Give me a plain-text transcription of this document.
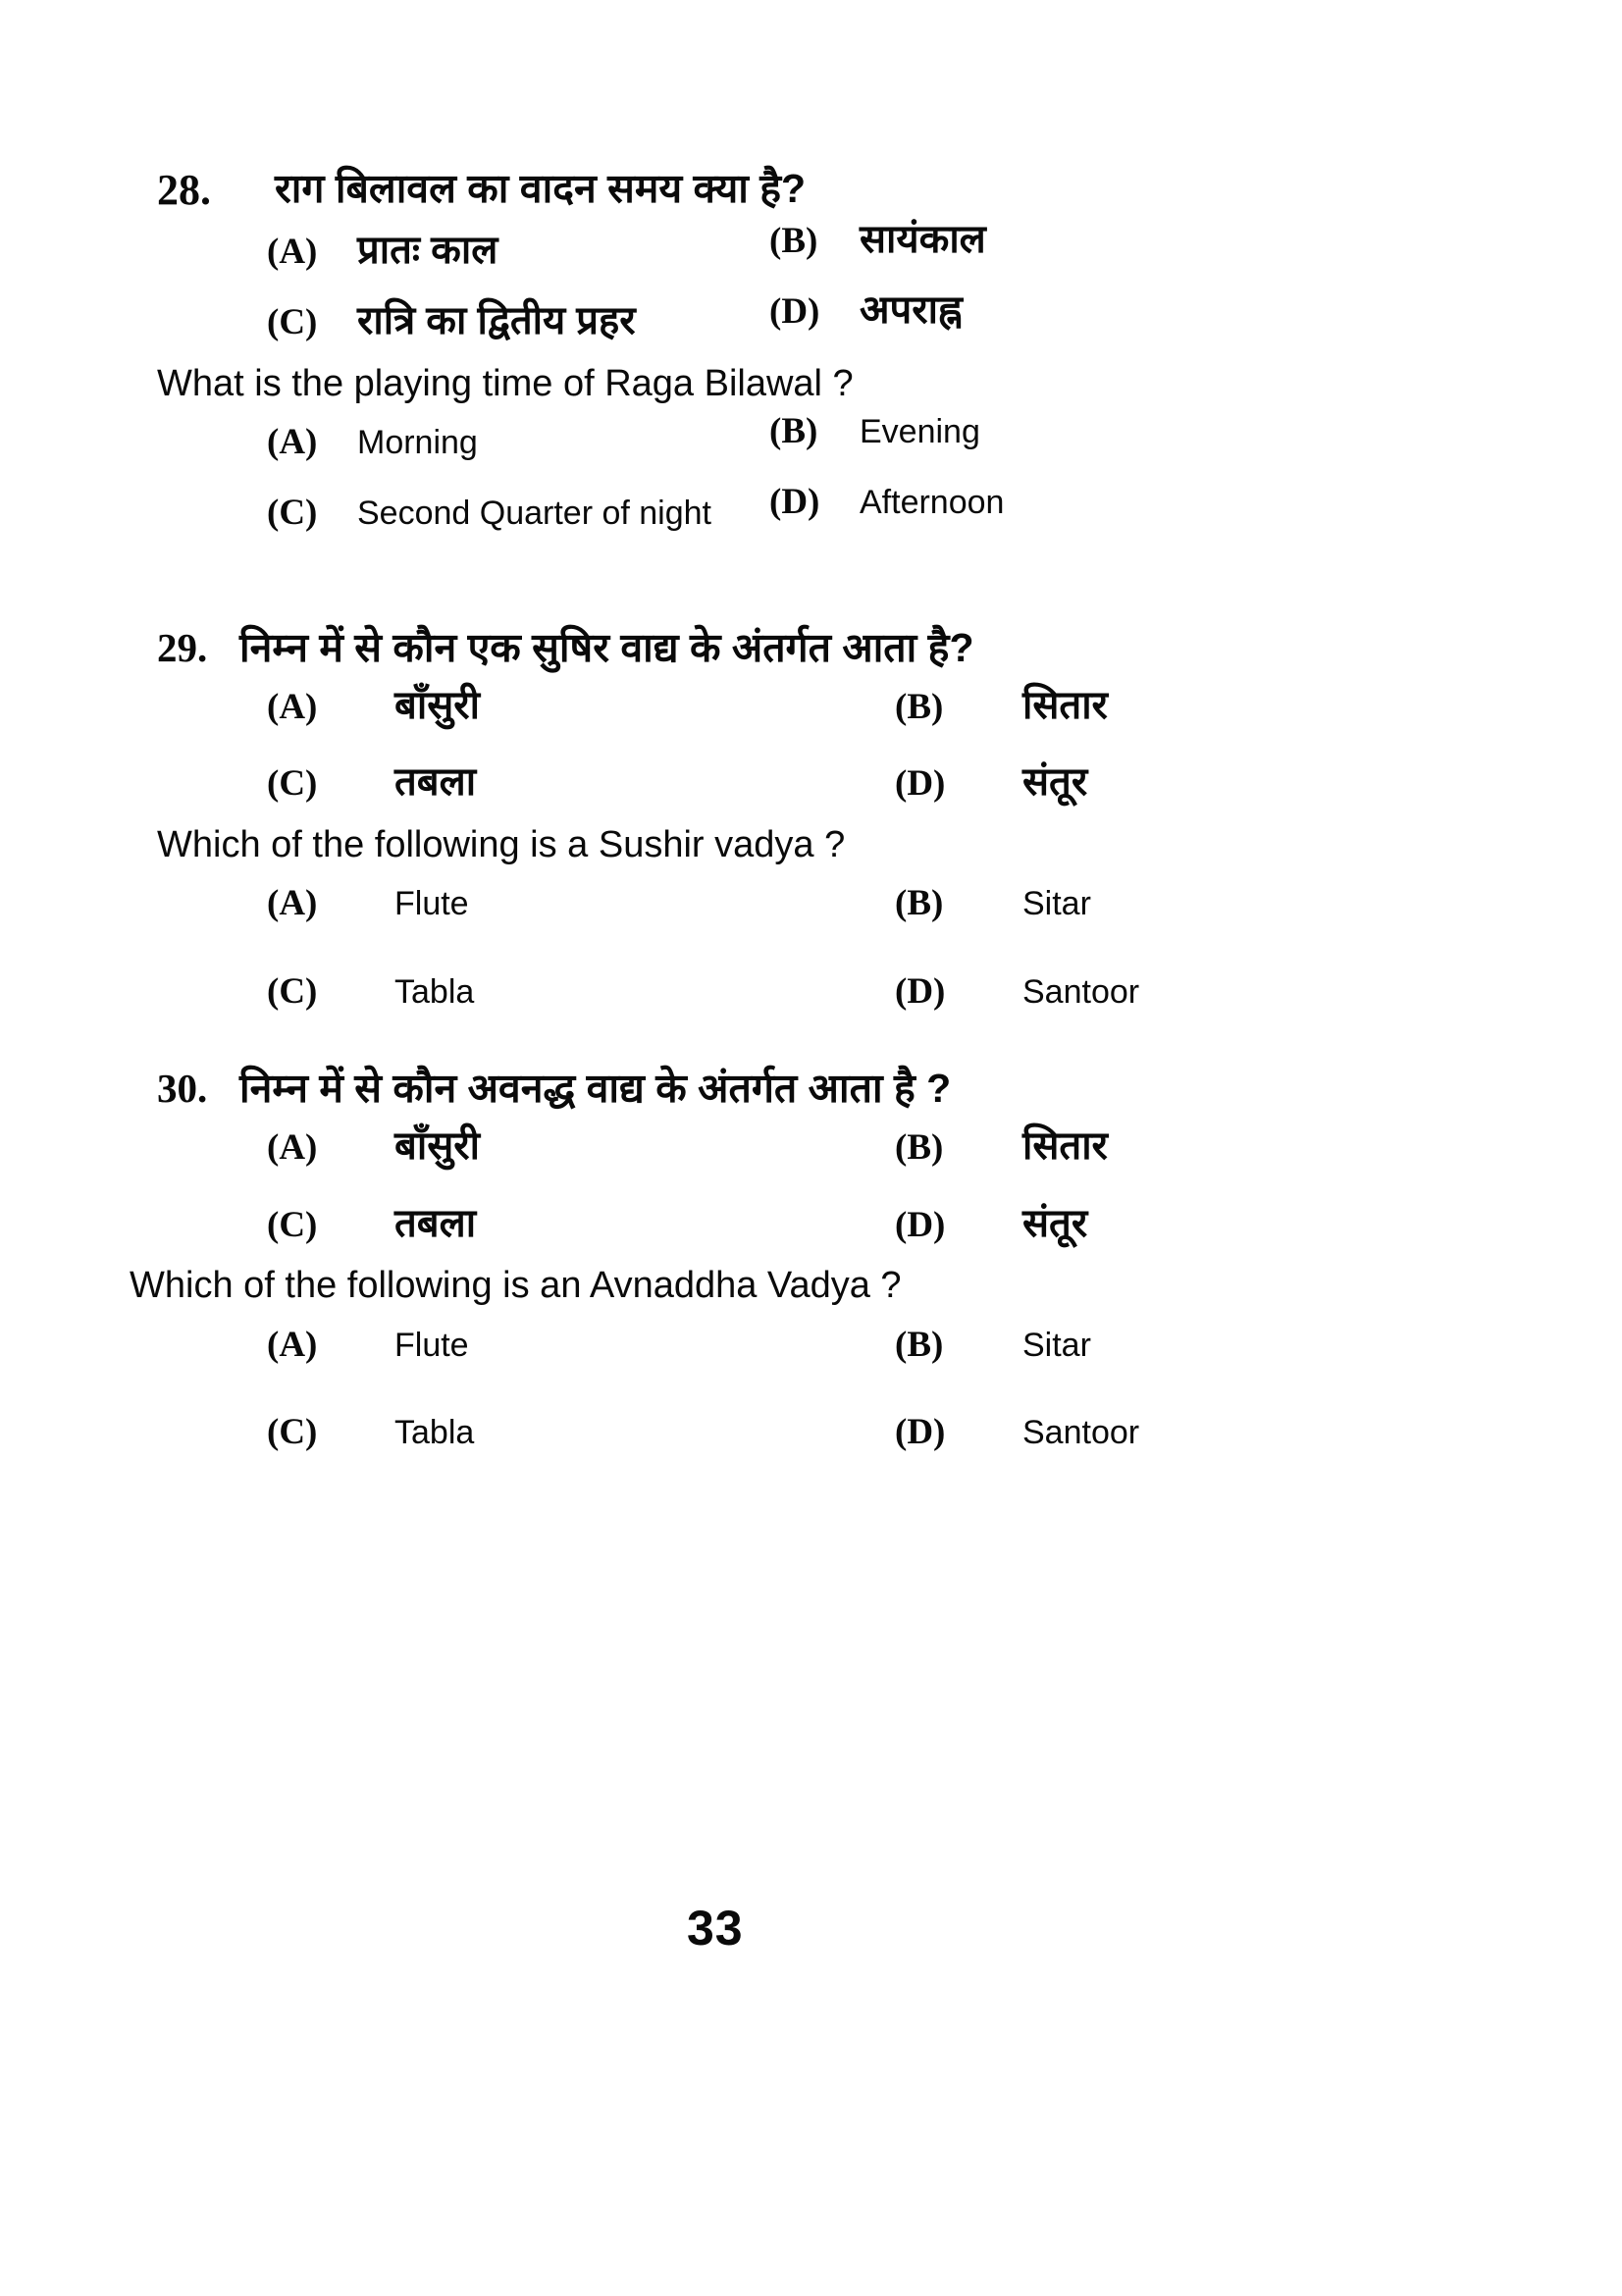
28.	राग बिलावल का वादन समय क्या है?
(A)	प्रातः काल	(B)	सायंकाल
(C)	रात्रि का द्वितीय प्रहर	(D)	अपराह्न
What is the playing time of Raga Bilawal ?
(A)	Morning	(B)	Evening
(C)	Second Quarter of night (D)	Afternoon
29. निम्न में से कौन एक सुषिर वाद्य के अंतर्गत आता है?
(A)	बाँसुरी	(B)	सितार
(C)	तबला	(D)	संतूर
Which of the following is a Sushir vadya ?
(A)	Flute	(B)	Sitar
(C)	Tabla	(D)	Santoor
30. निम्न में से कौन अवनद्ध वाद्य के अंतर्गत आता है ?
(A)	बाँसुरी	(B)	सितार
(C)	तबला	(D)	संतूर
Which of the following is an Avnaddha Vadya ?
(A)	Flute	(B)	Sitar
(C)	Tabla	(D)	Santoor
33
